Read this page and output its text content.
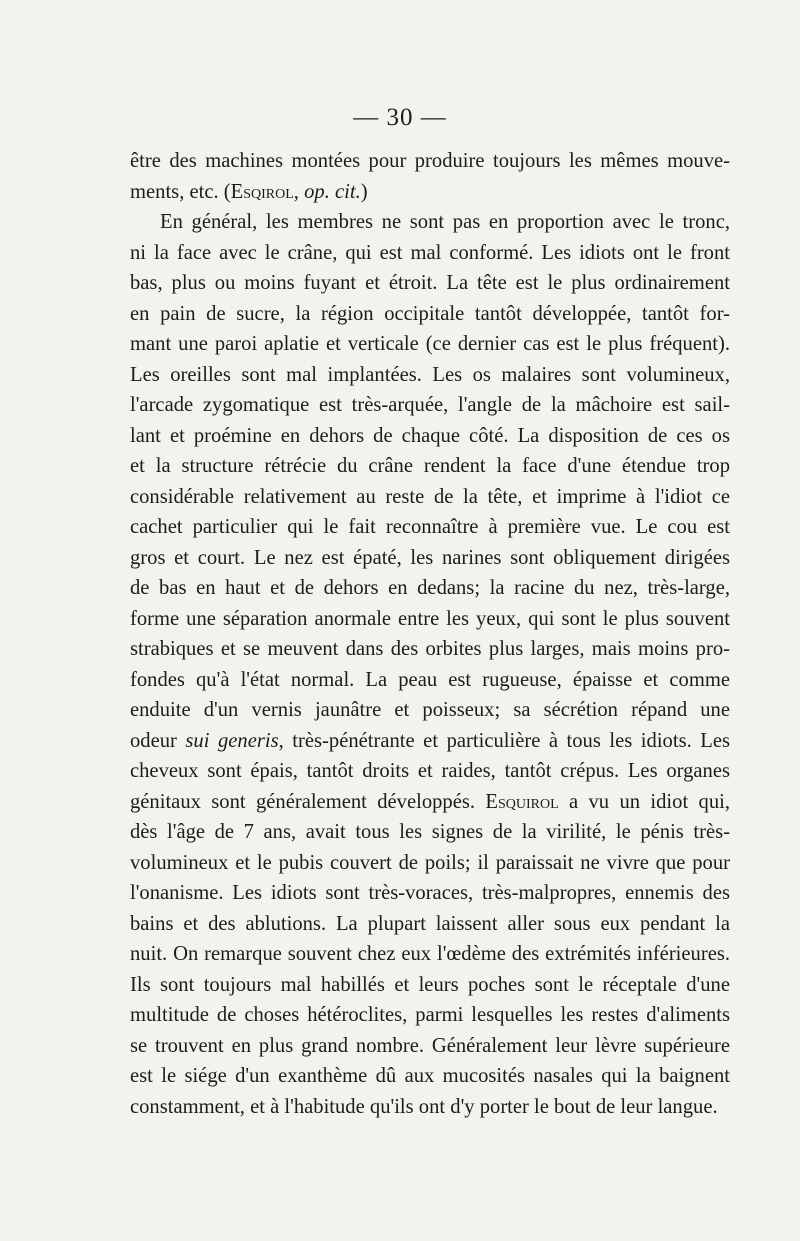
— 30 —
être des machines montées pour produire toujours les mêmes mouve-
ments, etc. (Esqirol, op. cit.)
En général, les membres ne sont pas en proportion avec le tronc,
ni la face avec le crâne, qui est mal conformé. Les idiots ont le front
bas, plus ou moins fuyant et étroit. La tête est le plus ordinairement
en pain de sucre, la région occipitale tantôt développée, tantôt for-
mant une paroi aplatie et verticale (ce dernier cas est le plus fréquent).
Les oreilles sont mal implantées. Les os malaires sont volumineux,
l'arcade zygomatique est très-arquée, l'angle de la mâchoire est sail-
lant et proémine en dehors de chaque côté. La disposition de ces os
et la structure rétrécie du crâne rendent la face d'une étendue trop
considérable relativement au reste de la tête, et imprime à l'idiot ce
cachet particulier qui le fait reconnaître à première vue. Le cou est
gros et court. Le nez est épaté, les narines sont obliquement dirigées
de bas en haut et de dehors en dedans; la racine du nez, très-large,
forme une séparation anormale entre les yeux, qui sont le plus souvent
strabiques et se meuvent dans des orbites plus larges, mais moins pro-
fondes qu'à l'état normal. La peau est rugueuse, épaisse et comme
enduite d'un vernis jaunâtre et poisseux; sa sécrétion répand une
odeur sui generis, très-pénétrante et particulière à tous les idiots. Les
cheveux sont épais, tantôt droits et raides, tantôt crépus. Les organes
génitaux sont généralement développés. Esquirol a vu un idiot qui,
dès l'âge de 7 ans, avait tous les signes de la virilité, le pénis très-
volumineux et le pubis couvert de poils; il paraissait ne vivre que pour
l'onanisme. Les idiots sont très-voraces, très-malpropres, ennemis des
bains et des ablutions. La plupart laissent aller sous eux pendant la
nuit. On remarque souvent chez eux l'œdème des extrémités inférieures.
Ils sont toujours mal habillés et leurs poches sont le réceptale d'une
multitude de choses hétéroclites, parmi lesquelles les restes d'aliments
se trouvent en plus grand nombre. Généralement leur lèvre supérieure
est le siége d'un exanthème dû aux mucosités nasales qui la baignent
constamment, et à l'habitude qu'ils ont d'y porter le bout de leur langue.
